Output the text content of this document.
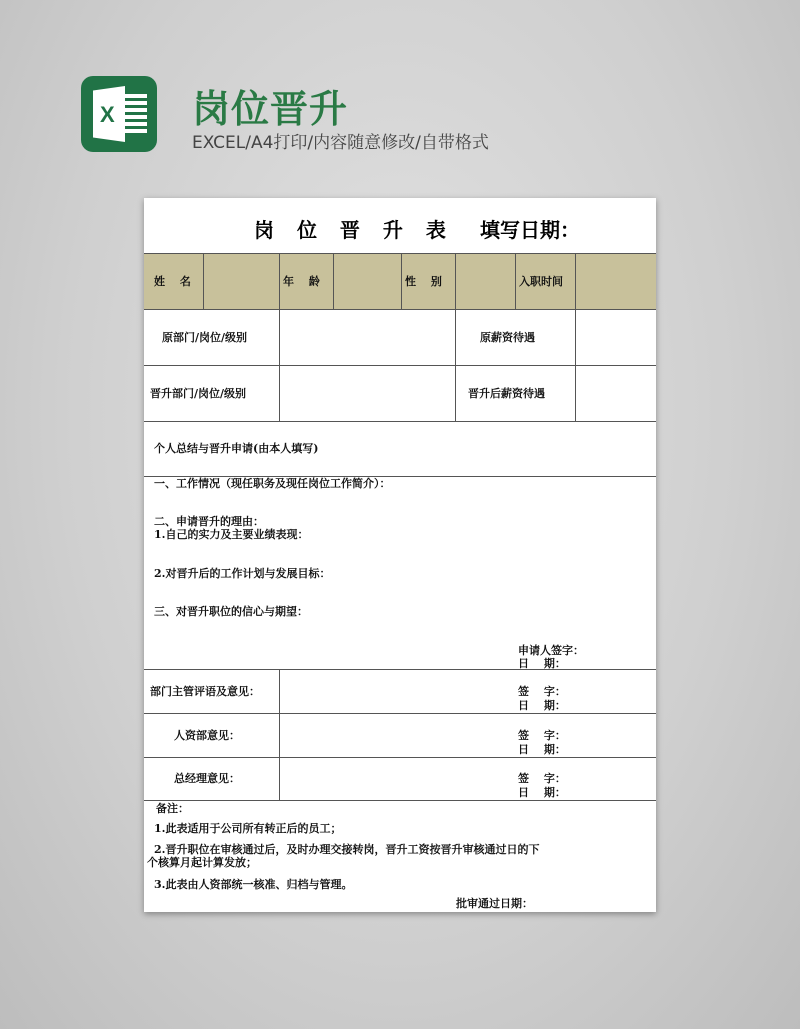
X 岗位晋升
EXCEL/A4打印/内容随意修改/自带格式
岗 位 晋 升 表 填写日期：
姓　 名	年　 龄	性　 别	入职时间
原部门/岗位/级别	原薪资待遇
晋升部门/岗位/级别	晋升后薪资待遇
个人总结与晋升申请(由本人填写)
一、工作情况（现任职务及现任岗位工作简介）：
二、申请晋升的理由：
1.自己的实力及主要业绩表现：
2.对晋升后的工作计划与发展目标：
三、对晋升职位的信心与期望：
申请人签字：
日　 期：
部门主管评语及意见：	签　 字：
日　 期：
人资部意见：	签　 字：
日　 期：
总经理意见：	签　 字：
日　 期：
备注：
1.此表适用于公司所有转正后的员工；
2.晋升职位在审核通过后，及时办理交接转岗，晋升工资按晋升审核通过日的下
个核算月起计算发放；
3.此表由人资部统一核准、归档与管理。
批审通过日期：
